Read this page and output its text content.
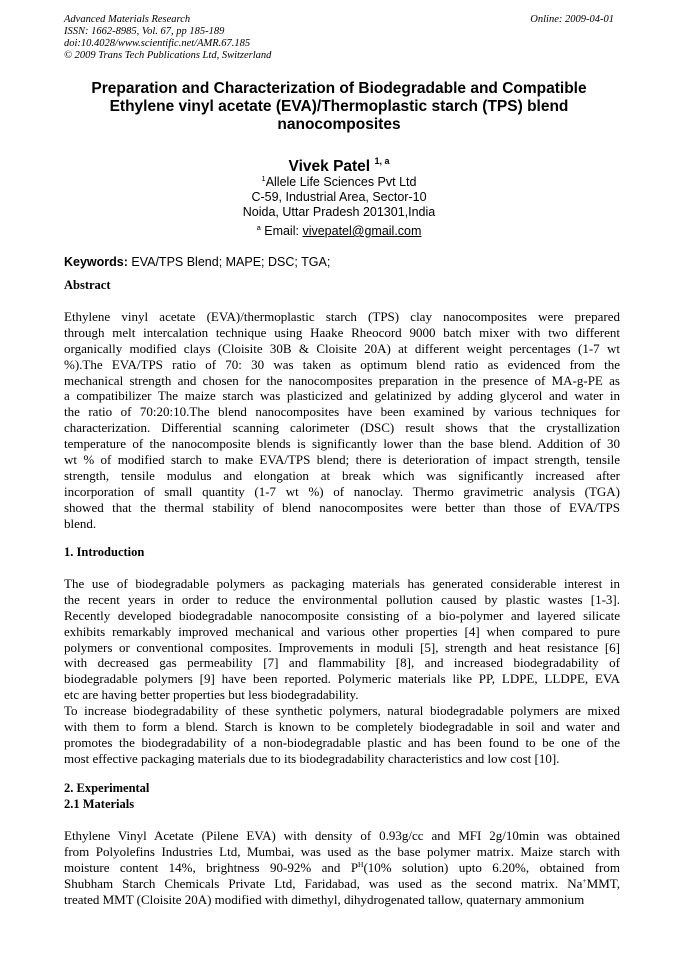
Advanced Materials Research
ISSN: 1662-8985, Vol. 67, pp 185-189
doi:10.4028/www.scientific.net/AMR.67.185
© 2009 Trans Tech Publications Ltd, Switzerland
Online: 2009-04-01
Preparation and Characterization of Biodegradable and Compatible
Ethylene vinyl acetate (EVA)/Thermoplastic starch (TPS) blend
nanocomposites
Vivek Patel $^{1, a}$
$^1$Allele Life Sciences Pvt Ltd
C-59, Industrial Area, Sector-10
Noida, Uttar Pradesh 201301,India
$^a$ Email: vivepatel@gmail.com
Keywords: EVA/TPS Blend; MAPE; DSC; TGA;
Abstract
Ethylene vinyl acetate (EVA)/thermoplastic starch (TPS) clay nanocomposites were prepared
through melt intercalation technique using Haake Rheocord 9000 batch mixer with two different
organically modified clays (Cloisite 30B & Cloisite 20A) at different weight percentages (1-7 wt
%).The EVA/TPS ratio of 70: 30 was taken as optimum blend ratio as evidenced from the
mechanical strength and chosen for the nanocomposites preparation in the presence of MA-g-PE as
a compatibilizer The maize starch was plasticized and gelatinized by adding glycerol and water in
the ratio of 70:20:10.The blend nanocomposites have been examined by various techniques for
characterization. Differential scanning calorimeter (DSC) result shows that the crystallization
temperature of the nanocomposite blends is significantly lower than the base blend. Addition of 30
wt % of modified starch to make EVA/TPS blend; there is deterioration of impact strength, tensile
strength, tensile modulus and elongation at break which was significantly increased after
incorporation of small quantity (1-7 wt %) of nanoclay. Thermo gravimetric analysis (TGA)
showed that the thermal stability of blend nanocomposites were better than those of EVA/TPS
blend.
1. Introduction
The use of biodegradable polymers as packaging materials has generated considerable interest in
the recent years in order to reduce the environmental pollution caused by plastic wastes [1-3].
Recently developed biodegradable nanocomposite consisting of a bio-polymer and layered silicate
exhibits remarkably improved mechanical and various other properties [4] when compared to pure
polymers or conventional composites. Improvements in moduli [5], strength and heat resistance [6]
with decreased gas permeability [7] and flammability [8], and increased biodegradability of
biodegradable polymers [9] have been reported. Polymeric materials like PP, LDPE, LLDPE, EVA
etc are having better properties but less biodegradability.
To increase biodegradability of these synthetic polymers, natural biodegradable polymers are mixed
with them to form a blend. Starch is known to be completely biodegradable in soil and water and
promotes the biodegradability of a non-biodegradable plastic and has been found to be one of the
most effective packaging materials due to its biodegradability characteristics and low cost [10].
2. Experimental
2.1 Materials
Ethylene Vinyl Acetate (Pilene EVA) with density of 0.93g/cc and MFI 2g/10min was obtained
from Polyolefins Industries Ltd, Mumbai, was used as the base polymer matrix. Maize starch with
moisture content 14%, brightness 90-92% and $P^H(10\%$ solution) upto 6.20%, obtained from
Shubham Starch Chemicals Private Ltd, Faridabad, was used as the second matrix. Na+MMT,
treated MMT (Cloisite 20A) modified with dimethyl, dihydrogenated tallow, quaternary ammonium
